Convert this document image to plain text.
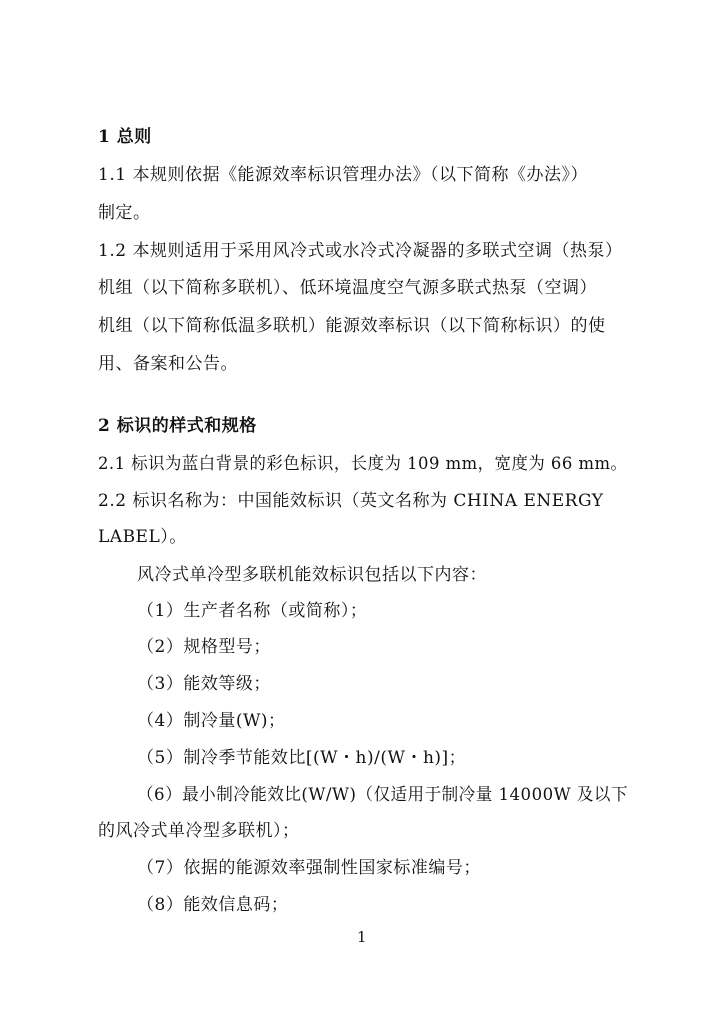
1 总则
1.1 本规则依据《能源效率标识管理办法》（以下简称《办法》）
制定。
1.2 本规则适用于采用风冷式或水冷式冷凝器的多联式空调（热泵）
机组（以下简称多联机）、低环境温度空气源多联式热泵（空调）
机组（以下简称低温多联机）能源效率标识（以下简称标识）的使
用、备案和公告。
2 标识的样式和规格
2.1 标识为蓝白背景的彩色标识，长度为 109 mm，宽度为 66 mm。
2.2 标识名称为：中国能效标识（英文名称为 CHINA ENERGY
LABEL）。
风冷式单冷型多联机能效标识包括以下内容：
（1）生产者名称（或简称）；
（2）规格型号；
（3）能效等级；
（4）制冷量(W)；
（5）制冷季节能效比[(W・h)/(W・h)]；
（6）最小制冷能效比(W/W)（仅适用于制冷量 14000W 及以下
的风冷式单冷型多联机）；
（7）依据的能源效率强制性国家标准编号；
（8）能效信息码；
1
